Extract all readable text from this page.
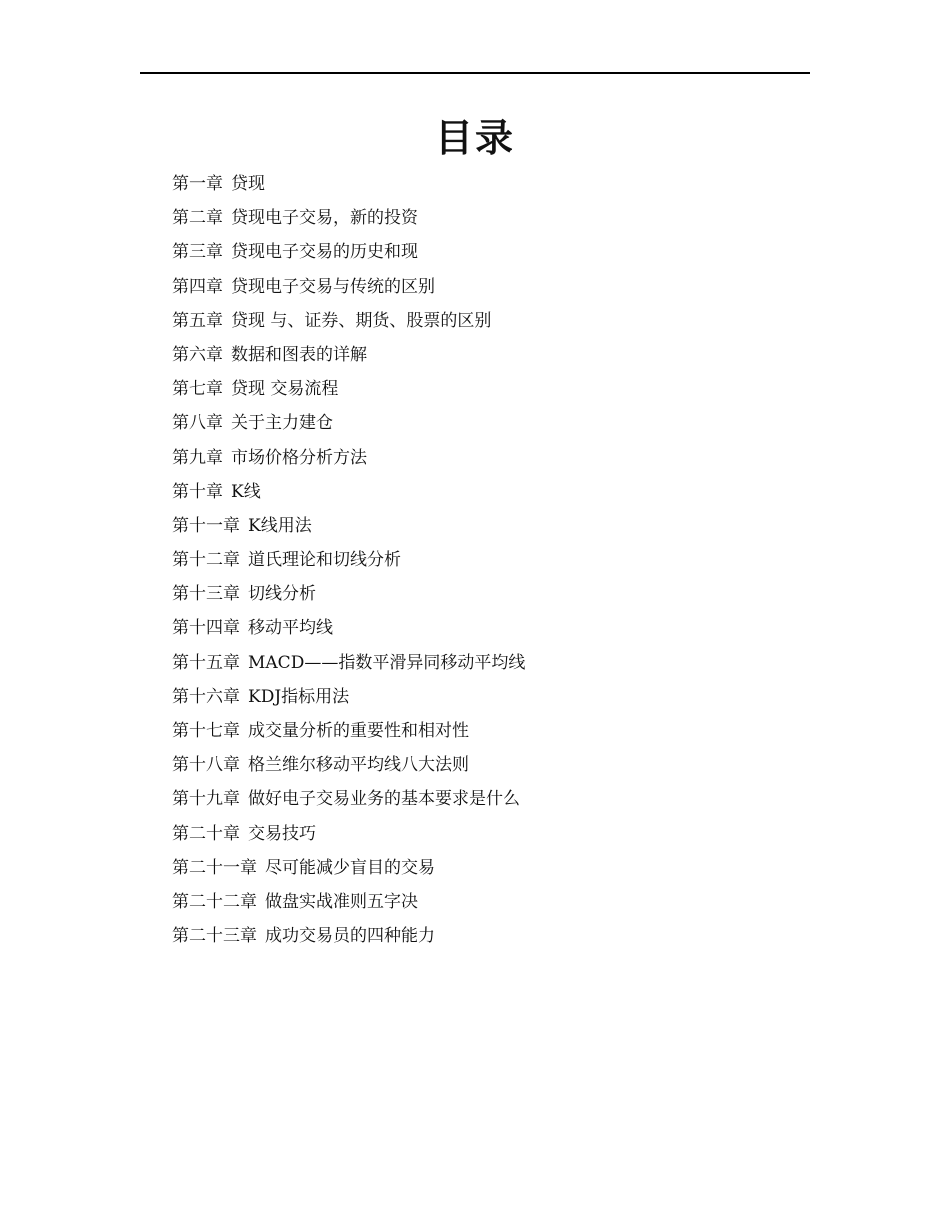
目录
第一章 贷现
第二章 贷现电子交易，新的投资
第三章 贷现电子交易的历史和现
第四章 贷现电子交易与传统的区别
第五章 贷现 与、证券、期货、股票的区别
第六章 数据和图表的详解
第七章 贷现 交易流程
第八章 关于主力建仓
第九章 市场价格分析方法
第十章 K线
第十一章 K线用法
第十二章 道氏理论和切线分析
第十三章 切线分析
第十四章 移动平均线
第十五章 MACD——指数平滑异同移动平均线
第十六章 KDJ指标用法
第十七章 成交量分析的重要性和相对性
第十八章 格兰维尔移动平均线八大法则
第十九章 做好电子交易业务的基本要求是什么
第二十章 交易技巧
第二十一章 尽可能减少盲目的交易
第二十二章 做盘实战准则五字决
第二十三章 成功交易员的四种能力
